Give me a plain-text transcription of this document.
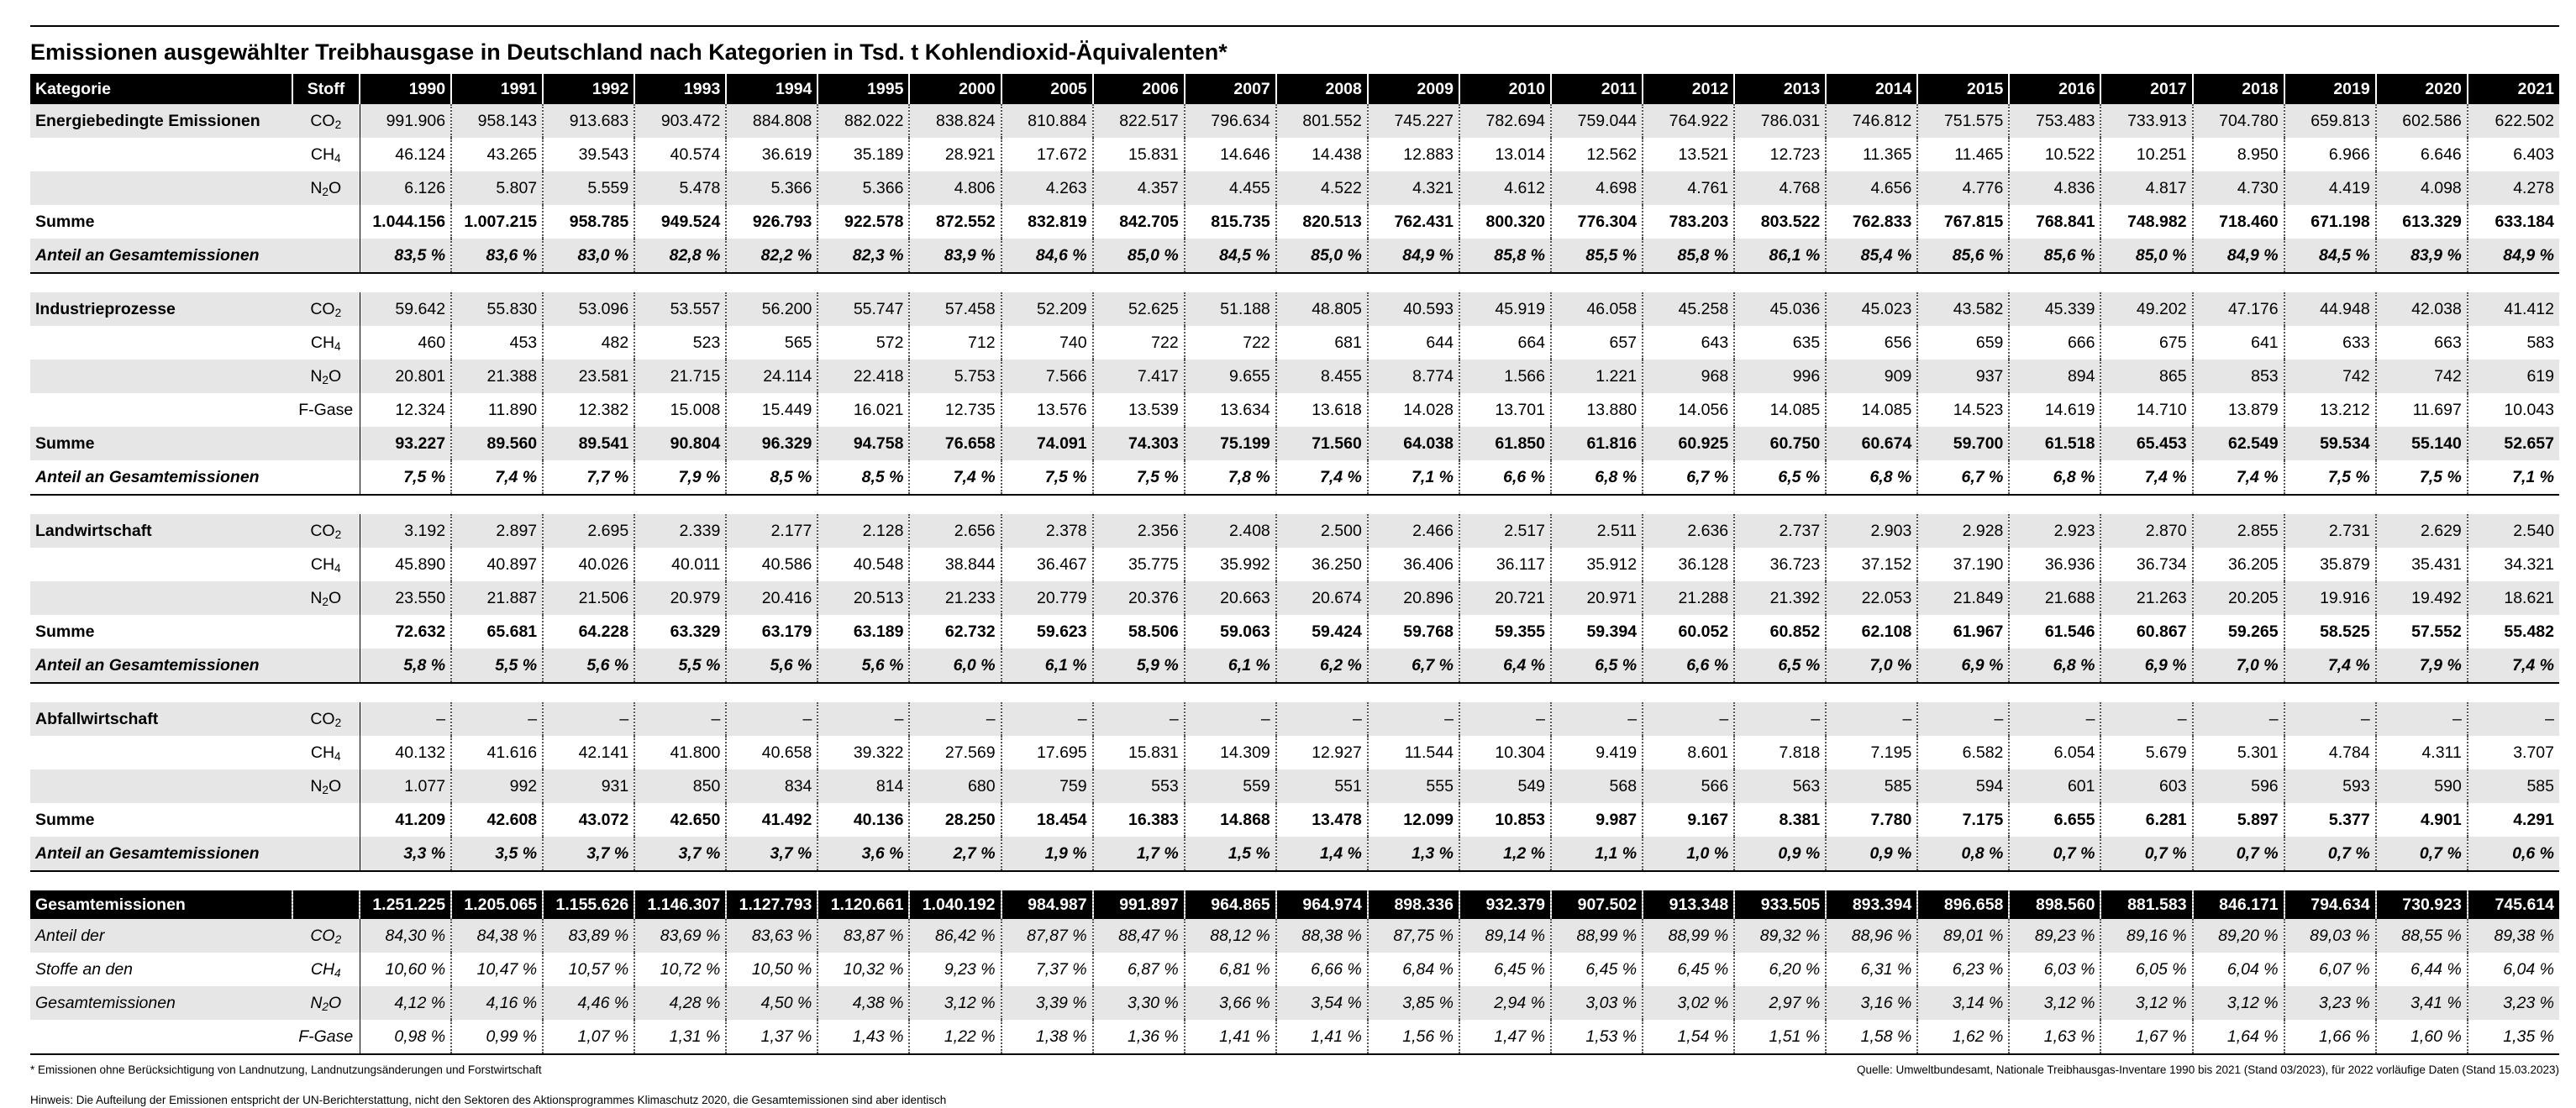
Emissionen ausgewählter Treibhausgase in Deutschland nach Kategorien in Tsd. t Kohlendioxid-Äquivalenten*
Kategorie	Stoff	1990	1991	1992	1993	1994	1995	2000	2005	2006	2007	2008	2009	2010	2011	2012	2013	2014	2015	2016	2017	2018	2019	2020	2021
Energiebedingte Emissionen	$CO_2$	991.906	958.143	913.683	903.472	884.808	882.022	838.824	810.884	822.517	796.634	801.552	745.227	782.694	759.044	764.922	786.031	746.812	751.575	753.483	733.913	704.780	659.813	602.586	622.502
	$CH_4$	46.124	43.265	39.543	40.574	36.619	35.189	28.921	17.672	15.831	14.646	14.438	12.883	13.014	12.562	13.521	12.723	11.365	11.465	10.522	10.251	8.950	6.966	6.646	6.403
	$N_2O$	6.126	5.807	5.559	5.478	5.366	5.366	4.806	4.263	4.357	4.455	4.522	4.321	4.612	4.698	4.761	4.768	4.656	4.776	4.836	4.817	4.730	4.419	4.098	4.278
Summe		1.044.156	1.007.215	958.785	949.524	926.793	922.578	872.552	832.819	842.705	815.735	820.513	762.431	800.320	776.304	783.203	803.522	762.833	767.815	768.841	748.982	718.460	671.198	613.329	633.184
Anteil an Gesamtemissionen		83,5 %	83,6 %	83,0 %	82,8 %	82,2 %	82,3 %	83,9 %	84,6 %	85,0 %	84,5 %	85,0 %	84,9 %	85,8 %	85,5 %	85,8 %	86,1 %	85,4 %	85,6 %	85,6 %	85,0 %	84,9 %	84,5 %	83,9 %	84,9 %

Industrieprozesse	$CO_2$	59.642	55.830	53.096	53.557	56.200	55.747	57.458	52.209	52.625	51.188	48.805	40.593	45.919	46.058	45.258	45.036	45.023	43.582	45.339	49.202	47.176	44.948	42.038	41.412
	$CH_4$	460	453	482	523	565	572	712	740	722	722	681	644	664	657	643	635	656	659	666	675	641	633	663	583
	$N_2O$	20.801	21.388	23.581	21.715	24.114	22.418	5.753	7.566	7.417	9.655	8.455	8.774	1.566	1.221	968	996	909	937	894	865	853	742	742	619
	F-Gase	12.324	11.890	12.382	15.008	15.449	16.021	12.735	13.576	13.539	13.634	13.618	14.028	13.701	13.880	14.056	14.085	14.085	14.523	14.619	14.710	13.879	13.212	11.697	10.043
Summe		93.227	89.560	89.541	90.804	96.329	94.758	76.658	74.091	74.303	75.199	71.560	64.038	61.850	61.816	60.925	60.750	60.674	59.700	61.518	65.453	62.549	59.534	55.140	52.657
Anteil an Gesamtemissionen		7,5 %	7,4 %	7,7 %	7,9 %	8,5 %	8,5 %	7,4 %	7,5 %	7,5 %	7,8 %	7,4 %	7,1 %	6,6 %	6,8 %	6,7 %	6,5 %	6,8 %	6,7 %	6,8 %	7,4 %	7,4 %	7,5 %	7,5 %	7,1 %

Landwirtschaft	$CO_2$	3.192	2.897	2.695	2.339	2.177	2.128	2.656	2.378	2.356	2.408	2.500	2.466	2.517	2.511	2.636	2.737	2.903	2.928	2.923	2.870	2.855	2.731	2.629	2.540
	$CH_4$	45.890	40.897	40.026	40.011	40.586	40.548	38.844	36.467	35.775	35.992	36.250	36.406	36.117	35.912	36.128	36.723	37.152	37.190	36.936	36.734	36.205	35.879	35.431	34.321
	$N_2O$	23.550	21.887	21.506	20.979	20.416	20.513	21.233	20.779	20.376	20.663	20.674	20.896	20.721	20.971	21.288	21.392	22.053	21.849	21.688	21.263	20.205	19.916	19.492	18.621
Summe		72.632	65.681	64.228	63.329	63.179	63.189	62.732	59.623	58.506	59.063	59.424	59.768	59.355	59.394	60.052	60.852	62.108	61.967	61.546	60.867	59.265	58.525	57.552	55.482
Anteil an Gesamtemissionen		5,8 %	5,5 %	5,6 %	5,5 %	5,6 %	5,6 %	6,0 %	6,1 %	5,9 %	6,1 %	6,2 %	6,7 %	6,4 %	6,5 %	6,6 %	6,5 %	7,0 %	6,9 %	6,8 %	6,9 %	7,0 %	7,4 %	7,9 %	7,4 %

Abfallwirtschaft	$CO_2$	–	–	–	–	–	–	–	–	–	–	–	–	–	–	–	–	–	–	–	–	–	–	–	–
	$CH_4$	40.132	41.616	42.141	41.800	40.658	39.322	27.569	17.695	15.831	14.309	12.927	11.544	10.304	9.419	8.601	7.818	7.195	6.582	6.054	5.679	5.301	4.784	4.311	3.707
	$N_2O$	1.077	992	931	850	834	814	680	759	553	559	551	555	549	568	566	563	585	594	601	603	596	593	590	585
Summe		41.209	42.608	43.072	42.650	41.492	40.136	28.250	18.454	16.383	14.868	13.478	12.099	10.853	9.987	9.167	8.381	7.780	7.175	6.655	6.281	5.897	5.377	4.901	4.291
Anteil an Gesamtemissionen		3,3 %	3,5 %	3,7 %	3,7 %	3,7 %	3,6 %	2,7 %	1,9 %	1,7 %	1,5 %	1,4 %	1,3 %	1,2 %	1,1 %	1,0 %	0,9 %	0,9 %	0,8 %	0,7 %	0,7 %	0,7 %	0,7 %	0,7 %	0,6 %

Gesamtemissionen		1.251.225	1.205.065	1.155.626	1.146.307	1.127.793	1.120.661	1.040.192	984.987	991.897	964.865	964.974	898.336	932.379	907.502	913.348	933.505	893.394	896.658	898.560	881.583	846.171	794.634	730.923	745.614
Anteil der	$CO_2$	84,30 %	84,38 %	83,89 %	83,69 %	83,63 %	83,87 %	86,42 %	87,87 %	88,47 %	88,12 %	88,38 %	87,75 %	89,14 %	88,99 %	88,99 %	89,32 %	88,96 %	89,01 %	89,23 %	89,16 %	89,20 %	89,03 %	88,55 %	89,38 %
Stoffe an den	$CH_4$	10,60 %	10,47 %	10,57 %	10,72 %	10,50 %	10,32 %	9,23 %	7,37 %	6,87 %	6,81 %	6,66 %	6,84 %	6,45 %	6,45 %	6,45 %	6,20 %	6,31 %	6,23 %	6,03 %	6,05 %	6,04 %	6,07 %	6,44 %	6,04 %
Gesamtemissionen	$N_2O$	4,12 %	4,16 %	4,46 %	4,28 %	4,50 %	4,38 %	3,12 %	3,39 %	3,30 %	3,66 %	3,54 %	3,85 %	2,94 %	3,03 %	3,02 %	2,97 %	3,16 %	3,14 %	3,12 %	3,12 %	3,12 %	3,23 %	3,41 %	3,23 %
	F-Gase	0,98 %	0,99 %	1,07 %	1,31 %	1,37 %	1,43 %	1,22 %	1,38 %	1,36 %	1,41 %	1,41 %	1,56 %	1,47 %	1,53 %	1,54 %	1,51 %	1,58 %	1,62 %	1,63 %	1,67 %	1,64 %	1,66 %	1,60 %	1,35 %
* Emissionen ohne Berücksichtigung von Landnutzung, Landnutzungsänderungen und Forstwirtschaft	Quelle: Umweltbundesamt, Nationale Treibhausgas-Inventare 1990 bis 2021 (Stand 03/2023), für 2022 vorläufige Daten (Stand 15.03.2023)
Hinweis: Die Aufteilung der Emissionen entspricht der UN-Berichterstattung, nicht den Sektoren des Aktionsprogrammes Klimaschutz 2020, die Gesamtemissionen sind aber identisch
